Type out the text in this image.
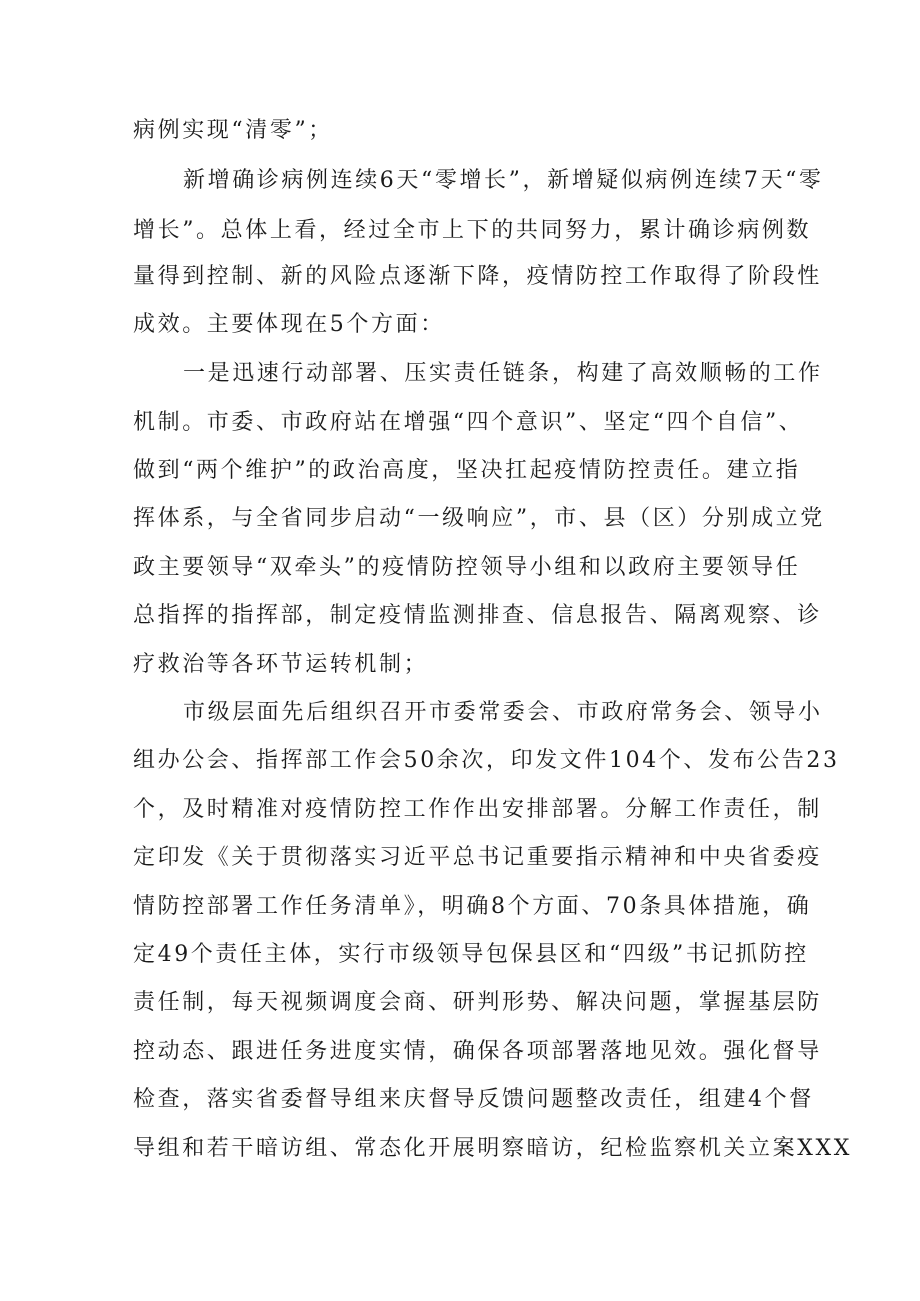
病例实现“清零”；
新增确诊病例连续6天“零增长”，新增疑似病例连续7天“零
增长”。总体上看，经过全市上下的共同努力，累计确诊病例数
量得到控制、新的风险点逐渐下降，疫情防控工作取得了阶段性
成效。主要体现在5个方面：
一是迅速行动部署、压实责任链条，构建了高效顺畅的工作
机制。市委、市政府站在增强“四个意识”、坚定“四个自信”、
做到“两个维护”的政治高度，坚决扛起疫情防控责任。建立指
挥体系，与全省同步启动“一级响应”，市、县（区）分别成立党
政主要领导“双牵头”的疫情防控领导小组和以政府主要领导任
总指挥的指挥部，制定疫情监测排查、信息报告、隔离观察、诊
疗救治等各环节运转机制；
市级层面先后组织召开市委常委会、市政府常务会、领导小
组办公会、指挥部工作会50余次，印发文件104个、发布公告23
个，及时精准对疫情防控工作作出安排部署。分解工作责任，制
定印发《关于贯彻落实习近平总书记重要指示精神和中央省委疫
情防控部署工作任务清单》，明确8个方面、70条具体措施，确
定49个责任主体，实行市级领导包保县区和“四级”书记抓防控
责任制，每天视频调度会商、研判形势、解决问题，掌握基层防
控动态、跟进任务进度实情，确保各项部署落地见效。强化督导
检查，落实省委督导组来庆督导反馈问题整改责任，组建4个督
导组和若干暗访组、常态化开展明察暗访，纪检监察机关立案XXX
